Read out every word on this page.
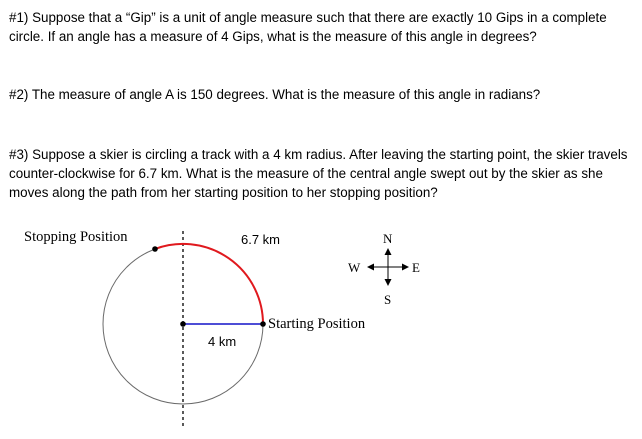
#1) Suppose that a “Gip” is a unit of angle measure such that there are exactly 10 Gips in a complete circle. If an angle has a measure of 4 Gips, what is the measure of this angle in degrees?

#2) The measure of angle A is 150 degrees. What is the measure of this angle in radians?

#3) Suppose a skier is circling a track with a 4 km radius. After leaving the starting point, the skier travels counter-clockwise for 6.7 km. What is the measure of the central angle swept out by the skier as she moves along the path from her starting position to her stopping position?

Stopping Position	6.7 km
Starting Position
4 km
N
S
E
W
